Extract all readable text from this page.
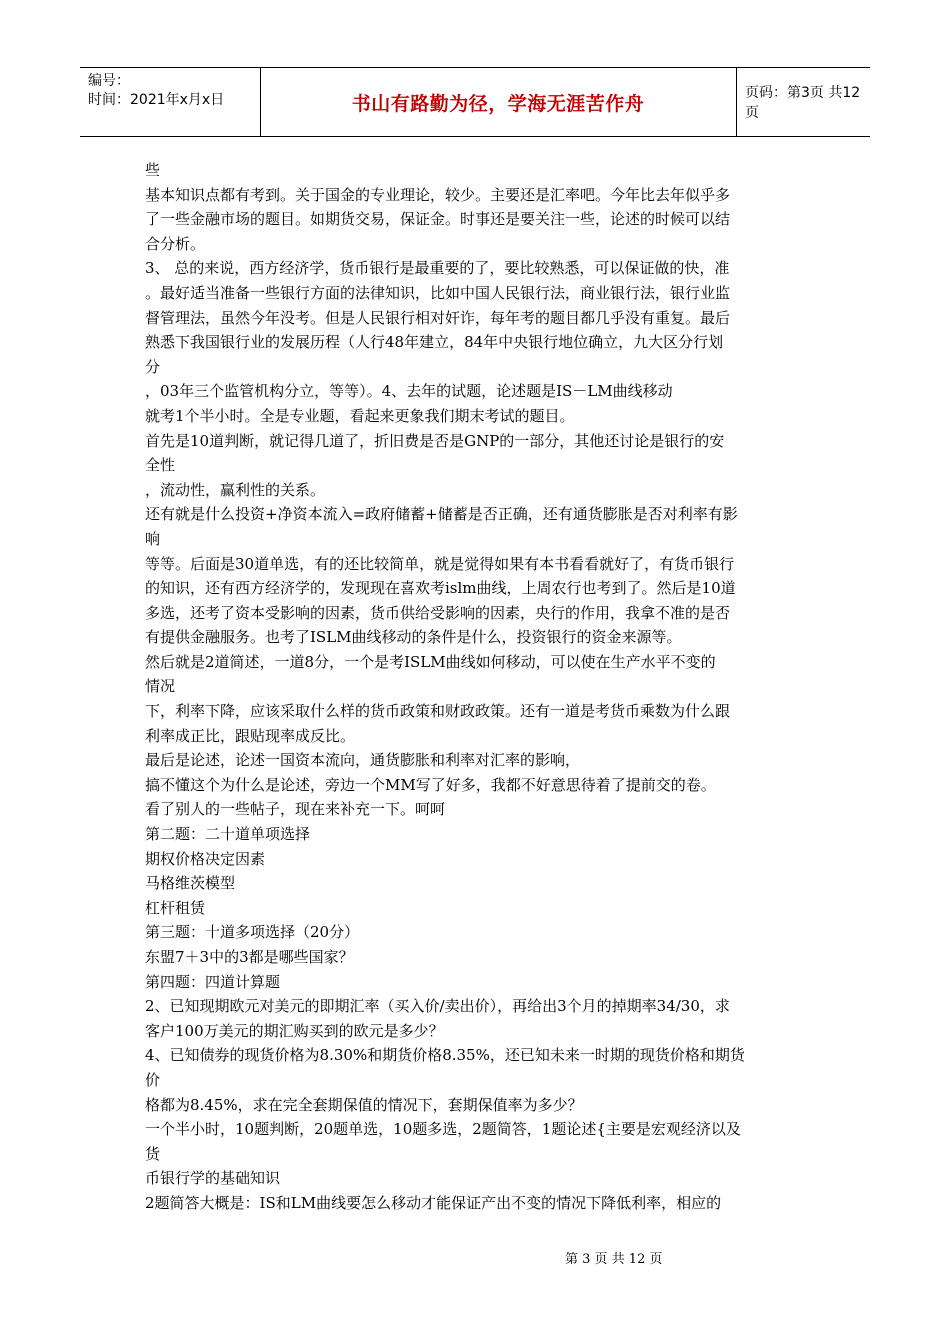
编号：
时间：2021年x月x日	书山有路勤为径，学海无涯苦作舟	页码：第3页 共12页
些
基本知识点都有考到。关于国金的专业理论，较少。主要还是汇率吧。今年比去年似乎多
了一些金融市场的题目。如期货交易，保证金。时事还是要关注一些，论述的时候可以结
合分析。
3、 总的来说，西方经济学，货币银行是最重要的了，要比较熟悉，可以保证做的快，准
。最好适当准备一些银行方面的法律知识，比如中国人民银行法，商业银行法，银行业监
督管理法，虽然今年没考。但是人民银行相对奸诈，每年考的题目都几乎没有重复。最后
熟悉下我国银行业的发展历程（人行48年建立，84年中央银行地位确立，九大区分行划
分
，03年三个监管机构分立，等等）。4、去年的试题，论述题是IS－LM曲线移动
就考1个半小时。全是专业题，看起来更象我们期末考试的题目。
首先是10道判断，就记得几道了，折旧费是否是GNP的一部分，其他还讨论是银行的安
全性
，流动性，赢利性的关系。
还有就是什么投资+净资本流入=政府储蓄+储蓄是否正确，还有通货膨胀是否对利率有影
响
等等。后面是30道单选，有的还比较简单，就是觉得如果有本书看看就好了，有货币银行
的知识，还有西方经济学的，发现现在喜欢考islm曲线，上周农行也考到了。然后是10道
多选，还考了资本受影响的因素，货币供给受影响的因素，央行的作用，我拿不准的是否
有提供金融服务。也考了ISLM曲线移动的条件是什么，投资银行的资金来源等。
然后就是2道简述，一道8分，一个是考ISLM曲线如何移动，可以使在生产水平不变的
情况
下，利率下降，应该采取什么样的货币政策和财政政策。还有一道是考货币乘数为什么跟
利率成正比，跟贴现率成反比。
最后是论述，论述一国资本流向，通货膨胀和利率对汇率的影响，
搞不懂这个为什么是论述，旁边一个MM写了好多，我都不好意思待着了提前交的卷。
看了别人的一些帖子，现在来补充一下。呵呵
第二题：二十道单项选择
期权价格决定因素
马格维茨模型
杠杆租赁
第三题：十道多项选择（20分）
东盟7＋3中的3都是哪些国家？
第四题：四道计算题
2、已知现期欧元对美元的即期汇率（买入价/卖出价），再给出3个月的掉期率34/30，求
客户100万美元的期汇购买到的欧元是多少？
4、已知债券的现货价格为8.30%和期货价格8.35%，还已知未来一时期的现货价格和期货
价
格都为8.45%，求在完全套期保值的情况下，套期保值率为多少？
一个半小时，10题判断，20题单选，10题多选，2题简答，1题论述{主要是宏观经济以及
货
币银行学的基础知识
2题简答大概是：IS和LM曲线要怎么移动才能保证产出不变的情况下降低利率，相应的
第 3 页 共 12 页
